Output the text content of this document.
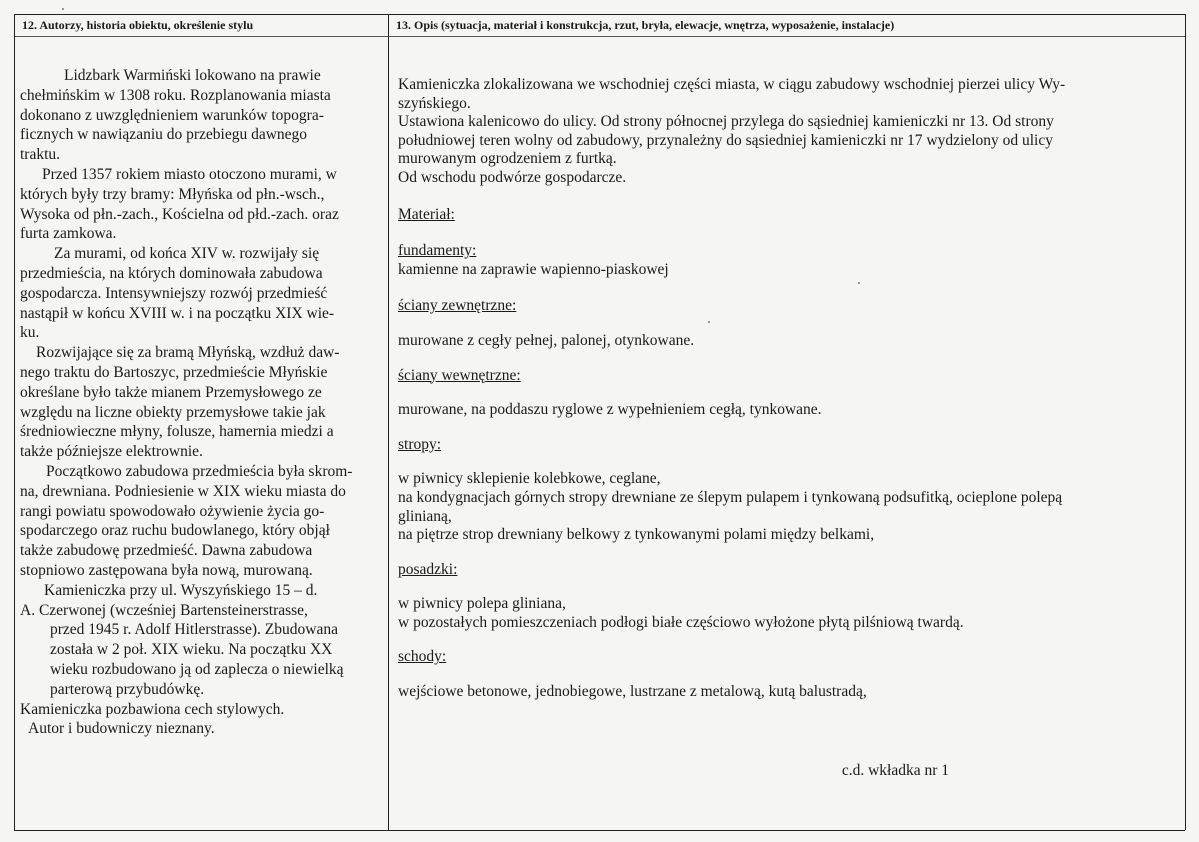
12. Autorzy, historia obiektu, określenie stylu
Lidzbark Warmiński lokowano na prawie
chełmińskim w 1308 roku. Rozplanowania miasta
dokonano z uwzględnieniem warunków topogra-
ficznych w nawiązaniu do przebiegu dawnego
traktu.
Przed 1357 rokiem miasto otoczono murami, w
których były trzy bramy: Młyńska od płn.-wsch.,
Wysoka od płn.-zach., Kościelna od płd.-zach. oraz
furta zamkowa.
Za murami, od końca XIV w. rozwijały się
przedmieścia, na których dominowała zabudowa
gospodarcza. Intensywniejszy rozwój przedmieść
nastąpił w końcu XVIII w. i na początku XIX wie-
ku.
Rozwijające się za bramą Młyńską, wzdłuż daw-
nego traktu do Bartoszyc, przedmieście Młyńskie
określane było także mianem Przemysłowego ze
względu na liczne obiekty przemysłowe takie jak
średniowieczne młyny, folusze, hamernia miedzi a
także późniejsze elektrownie.
Początkowo zabudowa przedmieścia była skrom-
na, drewniana. Podniesienie w XIX wieku miasta do
rangi powiatu spowodowało ożywienie życia go-
spodarczego oraz ruchu budowlanego, który objął
także zabudowę przedmieść. Dawna zabudowa
stopniowo zastępowana była nową, murowaną.
Kamieniczka przy ul. Wyszyńskiego 15 – d.
A. Czerwonej (wcześniej Bartensteinerstrasse,
przed 1945 r. Adolf Hitlerstrasse). Zbudowana
została w 2 poł. XIX wieku. Na początku XX
wieku rozbudowano ją od zaplecza o niewielką
parterową przybudówkę.
Kamieniczka pozbawiona cech stylowych.
Autor i budowniczy nieznany.
13. Opis (sytuacja, materiał i konstrukcja, rzut, bryła, elewacje, wnętrza, wyposażenie, instalacje)
Kamieniczka zlokalizowana we wschodniej części miasta, w ciągu zabudowy wschodniej pierzei ulicy Wy-
szyńskiego.
Ustawiona kalenicowo do ulicy. Od strony północnej przylega do sąsiedniej kamieniczki nr 13. Od strony
południowej teren wolny od zabudowy, przynależny do sąsiedniej kamieniczki nr 17 wydzielony od ulicy
murowanym ogrodzeniem z furtką.
Od wschodu podwórze gospodarcze.
Materiał:
fundamenty:
kamienne na zaprawie wapienno-piaskowej
ściany zewnętrzne:
murowane z cegły pełnej, palonej, otynkowane.
ściany wewnętrzne:
murowane, na poddaszu ryglowe z wypełnieniem cegłą, tynkowane.
stropy:
w piwnicy sklepienie kolebkowe, ceglane,
na kondygnacjach górnych stropy drewniane ze ślepym pulapem i tynkowaną podsufitką, ocieplone polepą
glinianą,
na piętrze strop drewniany belkowy z tynkowanymi polami między belkami,
posadzki:
w piwnicy polepa gliniana,
w pozostałych pomieszczeniach podłogi białe częściowo wyłożone płytą pilśniową twardą.
schody:
wejściowe betonowe, jednobiegowe, lustrzane z metalową, kutą balustradą,
c.d. wkładka nr 1
